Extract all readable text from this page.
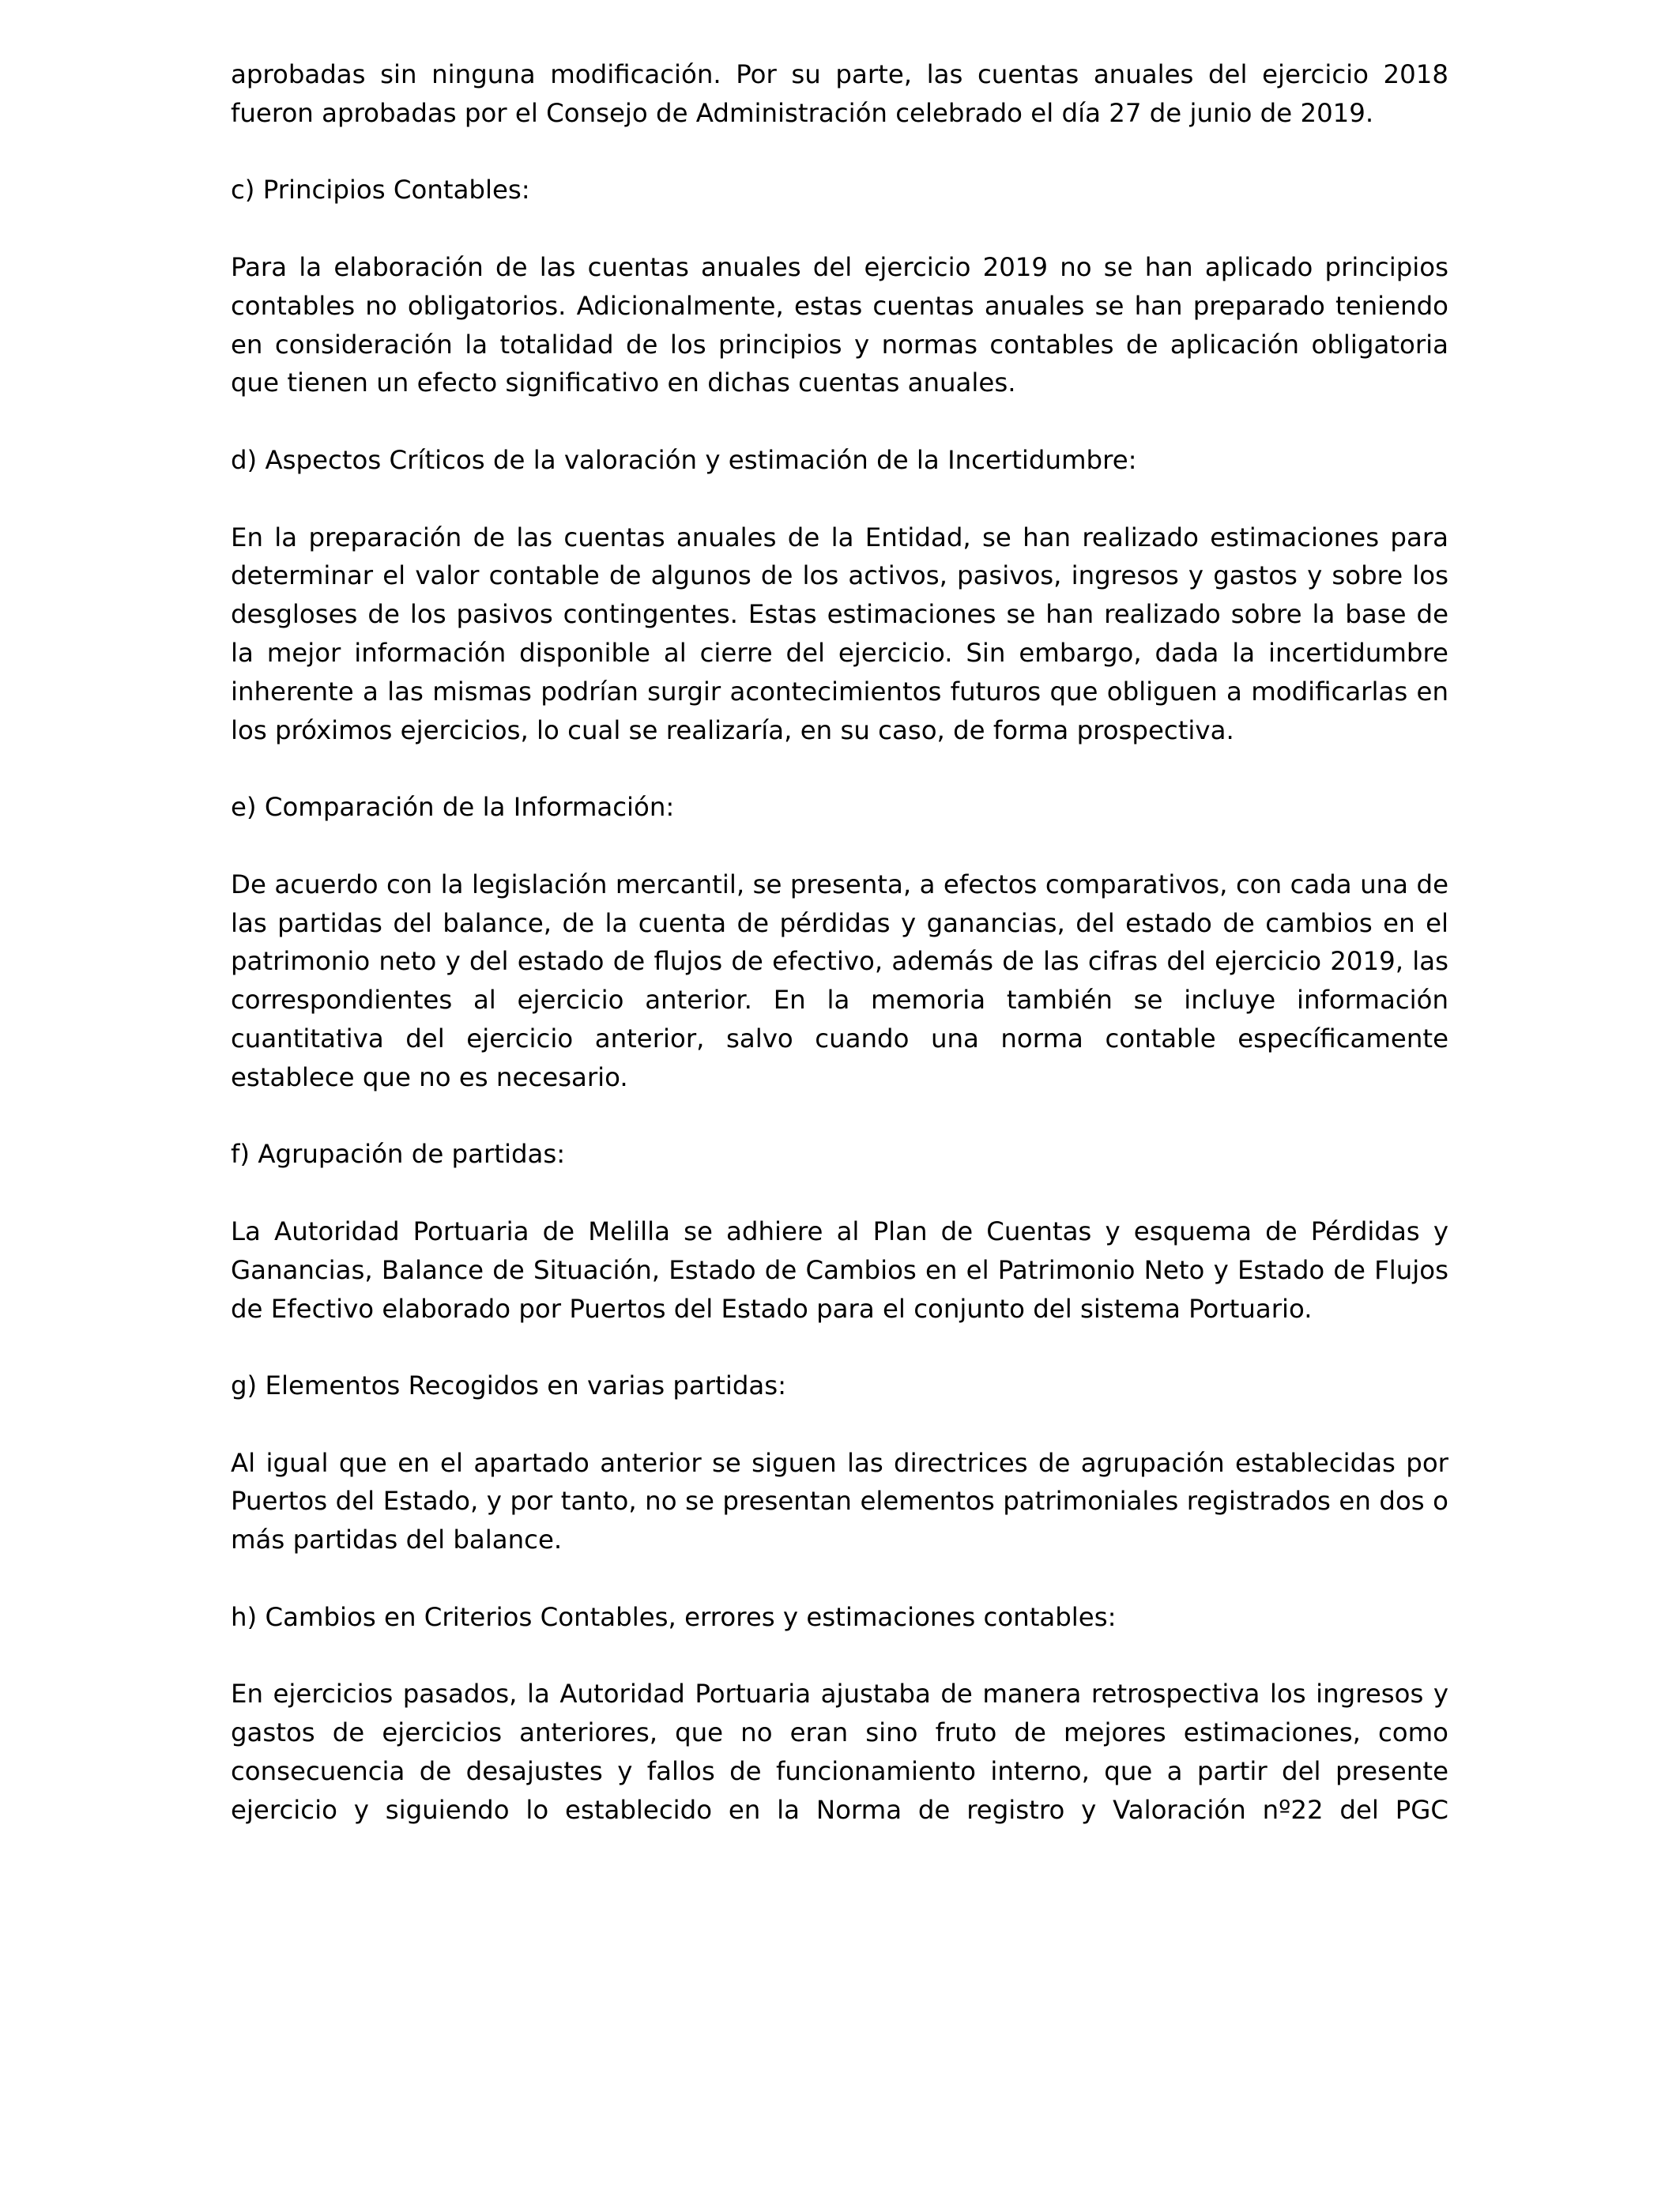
aprobadas sin ninguna modificación. Por su parte, las cuentas anuales del ejercicio 2018 fueron aprobadas por el Consejo de Administración celebrado el día 27 de junio de 2019.

c) Principios Contables:

Para la elaboración de las cuentas anuales del ejercicio 2019 no se han aplicado principios contables no obligatorios. Adicionalmente, estas cuentas anuales se han preparado teniendo en consideración la totalidad de los principios y normas contables de aplicación obligatoria que tienen un efecto significativo en dichas cuentas anuales.

d) Aspectos Críticos de la valoración y estimación de la Incertidumbre:

En la preparación de las cuentas anuales de la Entidad, se han realizado estimaciones para determinar el valor contable de algunos de los activos, pasivos, ingresos y gastos y sobre los desgloses de los pasivos contingentes. Estas estimaciones se han realizado sobre la base de la mejor información disponible al cierre del ejercicio. Sin embargo, dada la incertidumbre inherente a las mismas podrían surgir acontecimientos futuros que obliguen a modificarlas en los próximos ejercicios, lo cual se realizaría, en su caso, de forma prospectiva.

e) Comparación de la Información:

De acuerdo con la legislación mercantil, se presenta, a efectos comparativos, con cada una de las partidas del balance, de la cuenta de pérdidas y ganancias, del estado de cambios en el patrimonio neto y del estado de flujos de efectivo, además de las cifras del ejercicio 2019, las correspondientes al ejercicio anterior. En la memoria también se incluye información cuantitativa del ejercicio anterior, salvo cuando una norma contable específicamente establece que no es necesario.

f) Agrupación de partidas:

La Autoridad Portuaria de Melilla se adhiere al Plan de Cuentas y esquema de Pérdidas y Ganancias, Balance de Situación, Estado de Cambios en el Patrimonio Neto y Estado de Flujos de Efectivo elaborado por Puertos del Estado para el conjunto del sistema Portuario.

g) Elementos Recogidos en varias partidas:

Al igual que en el apartado anterior se siguen las directrices de agrupación establecidas por Puertos del Estado, y por tanto, no se presentan elementos patrimoniales registrados en dos o más partidas del balance.

h) Cambios en Criterios Contables, errores y estimaciones contables:

En ejercicios pasados, la Autoridad Portuaria ajustaba de manera retrospectiva los ingresos y gastos de ejercicios anteriores, que no eran sino fruto de mejores estimaciones, como consecuencia de desajustes y fallos de funcionamiento interno, que a partir del presente ejercicio y siguiendo lo establecido en la Norma de registro y Valoración nº22 del PGC
